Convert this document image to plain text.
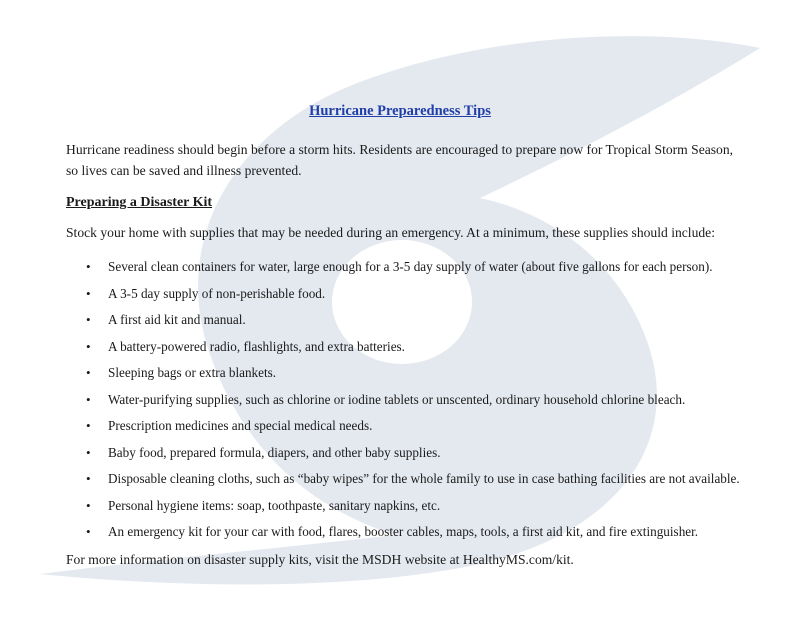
Hurricane Preparedness Tips

Hurricane readiness should begin before a storm hits. Residents are encouraged to prepare now for Tropical Storm Season, so lives can be saved and illness prevented.

Preparing a Disaster Kit

Stock your home with supplies that may be needed during an emergency. At a minimum, these supplies should include:

• Several clean containers for water, large enough for a 3-5 day supply of water (about five gallons for each person).
• A 3-5 day supply of non-perishable food.
• A first aid kit and manual.
• A battery-powered radio, flashlights, and extra batteries.
• Sleeping bags or extra blankets.
• Water-purifying supplies, such as chlorine or iodine tablets or unscented, ordinary household chlorine bleach.
• Prescription medicines and special medical needs.
• Baby food, prepared formula, diapers, and other baby supplies.
• Disposable cleaning cloths, such as “baby wipes” for the whole family to use in case bathing facilities are not available.
• Personal hygiene items: soap, toothpaste, sanitary napkins, etc.
• An emergency kit for your car with food, flares, booster cables, maps, tools, a first aid kit, and fire extinguisher.

For more information on disaster supply kits, visit the MSDH website at HealthyMS.com/kit.
